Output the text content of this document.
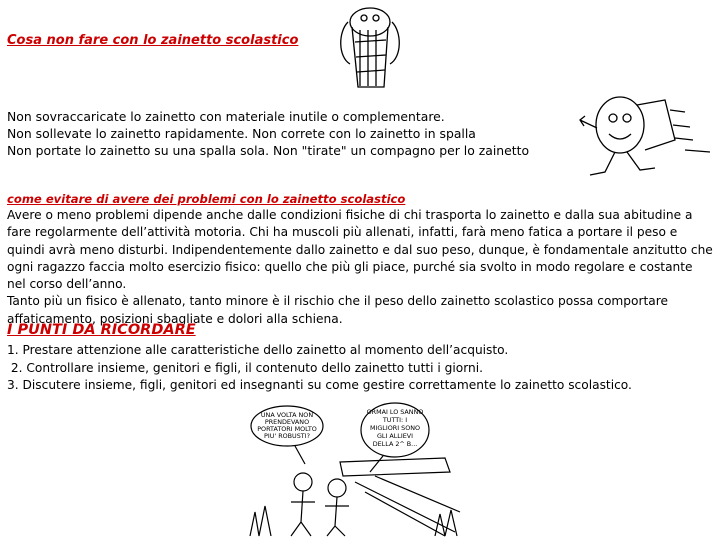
Cosa non fare con lo zainetto scolastico
Non sovraccaricate lo zainetto con materiale inutile o complementare.
Non sollevate lo zainetto rapidamente. Non correte con lo zainetto in spalla
Non portate lo zainetto su una spalla sola. Non "tirate" un compagno per lo zainetto
come evitare di avere dei problemi con lo zainetto scolastico
Avere o meno problemi dipende anche dalle condizioni fisiche di chi trasporta lo zainetto e dalla sua abitudine a fare regolarmente dell’attività motoria. Chi ha muscoli più allenati, infatti, farà meno fatica a portare il peso e quindi avrà meno disturbi. Indipendentemente dallo zainetto e dal suo peso, dunque, è fondamentale anzitutto che ogni ragazzo faccia molto esercizio fisico: quello che più gli piace, purché sia svolto in modo regolare e costante nel corso dell’anno.
Tanto più un fisico è allenato, tanto minore è il rischio che il peso dello zainetto scolastico possa comportare affaticamento, posizioni sbagliate e dolori alla schiena.
I PUNTI DA RICORDARE
1. Prestare attenzione alle caratteristiche dello zainetto al momento dell’acquisto.
2. Controllare insieme, genitori e figli, il contenuto dello zainetto tutti i giorni.
3. Discutere insieme, figli, genitori ed insegnanti su come gestire correttamente lo zainetto scolastico.
UNA VOLTA NON
PRENDEVANO
PORTATORI MOLTO
PIU' ROBUSTI?
ORMAI LO SANNO
TUTTI: I
MIGLIORI SONO
GLI ALLIEVI
DELLA 2^ B...
